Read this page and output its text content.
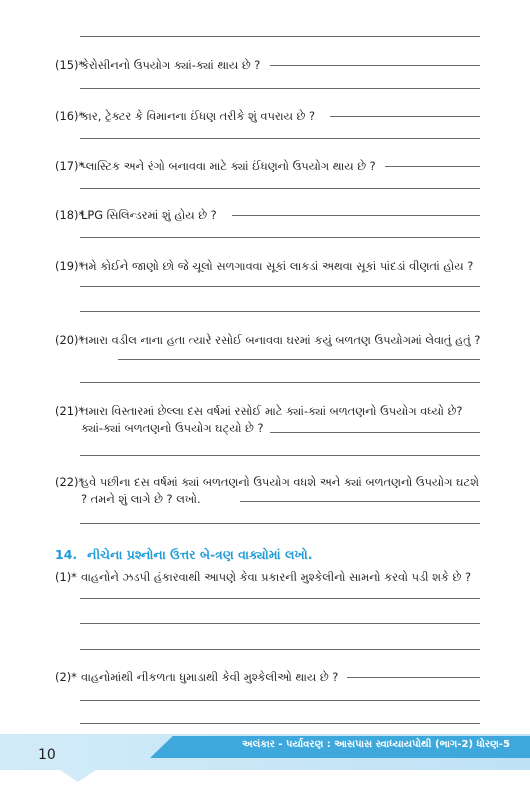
(15)*
કેરોસીનનો ઉપયોગ ક્યાં-ક્યાં થાય છે ?
(16)*
કાર, ટ્રેક્ટર કે વિમાનના ઈંધણ તરીકે શું વપરાય છે ?
(17)*
પ્લાસ્ટિક અને રંગો બનાવવા માટે ક્યાં ઈંધણનો ઉપયોગ થાય છે ?
(18)*
LPG સિલિન્ડરમાં શું હોય છે ?
(19)*
તમે કોઈને જાણો છો જે ચૂલો સળગાવવા સૂકાં લાકડાં અથવા સૂકાં પાંદડાં વીણતાં હોય ?
(20)*
તમારા વડીલ નાના હતા ત્યારે રસોઈ બનાવવા ઘરમાં કયું બળતણ ઉપયોગમાં લેવાતું હતું ?
(21)*
તમારા વિસ્તારમાં છેલ્લા દસ વર્ષમાં રસોઈ માટે ક્યાં-ક્યાં બળતણનો ઉપયોગ વધ્યો છે? ક્યાં-ક્યાં બળતણનો ઉપયોગ ઘટ્યો છે ?
(22)*
હવે પછીના દસ વર્ષમાં ક્યાં બળતણનો ઉપયોગ વધશે અને ક્યાં બળતણનો ઉપયોગ ઘટશે ? તમને શું લાગે છે ? લખો.
14. નીચેના પ્રશ્નોના ઉત્તર બે-ત્રણ વાક્યોમાં લખો.
(1)* વાહનોને ઝડપી હંકારવાથી આપણે કેવા પ્રકારની મુશ્કેલીનો સામનો કરવો પડી શકે છે ?
(2)* વાહનોમાંથી નીકળતા ધુમાડાથી કેવી મુશ્કેલીઓ થાય છે ?
અલંકાર - પર્યાવરણ : આસપાસ સ્વાધ્યાયપોથી (ભાગ-2) ધોરણ-5
10
